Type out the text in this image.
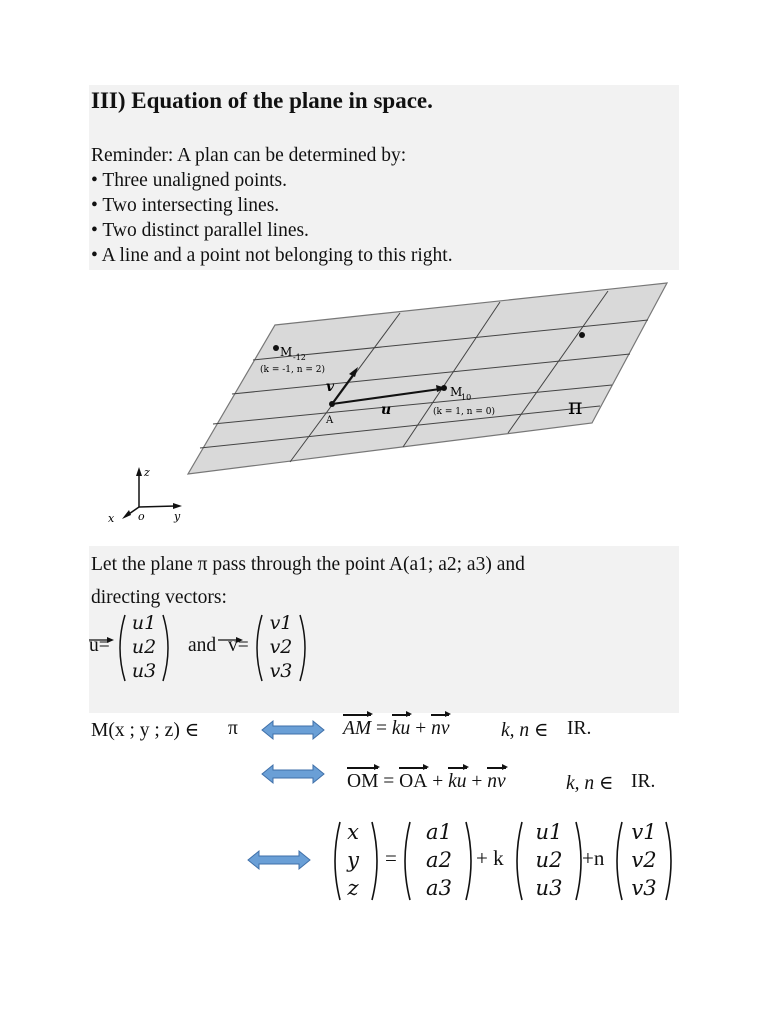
III) Equation of the plane in space.
Reminder: A plan can be determined by:
• Three unaligned points.
• Two intersecting lines.
• Two distinct parallel lines.
• A line and a point not belonging to this right.
M -12
(k = -1, n = 2)
v
A
u
M
10
(k = 1, n = 0)	π
z
x o	y
Let the plane π pass through the point A(a1; a2; a3) and
directing vectors:
u=
u1
u2
u3
and v=
v1
v2
v3
M(x ; y ; z) ∈ π	AM = ku + nv	k, n ∈ IR.
OM = OA + ku + nv	k, n ∈ IR.
x
y
z
=
a1
a2
a3
+ k
u1
u2
u3
+n
v1
v2
v3
